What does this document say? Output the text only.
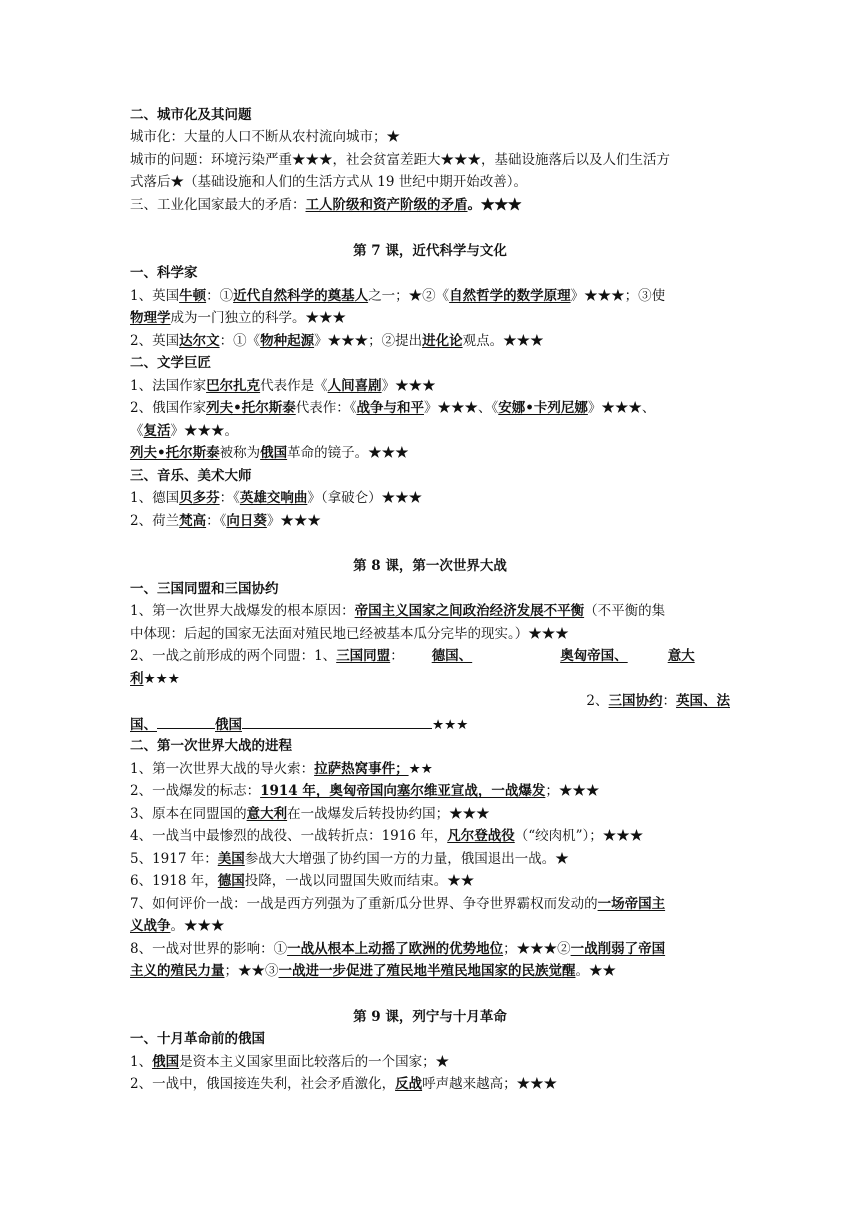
二、城市化及其问题
城市化：大量的人口不断从农村流向城市；★
城市的问题：环境污染严重★★★，社会贫富差距大★★★，基础设施落后以及人们生活方
式落后★（基础设施和人们的生活方式从 19 世纪中期开始改善）。
三、工业化国家最大的矛盾：工人阶级和资产阶级的矛盾。★★★
第 7 课，近代科学与文化
一、科学家
1、英国牛顿：①近代自然科学的奠基人之一；★②《自然哲学的数学原理》★★★；③使
物理学成为一门独立的科学。★★★
2、英国达尔文：①《物种起源》★★★；②提出进化论观点。★★★
二、文学巨匠
1、法国作家巴尔扎克代表作是《人间喜剧》★★★
2、俄国作家列夫•托尔斯泰代表作：《战争与和平》★★★、《安娜•卡列尼娜》★★★、
《复活》★★★。
列夫•托尔斯泰被称为俄国革命的镜子。★★★
三、音乐、美术大师
1、德国贝多芬：《英雄交响曲》（拿破仑）★★★
2、荷兰梵高：《向日葵》★★★
第 8 课，第一次世界大战
一、三国同盟和三国协约
1、第一次世界大战爆发的根本原因：帝国主义国家之间政治经济发展不平衡（不平衡的集
中体现：后起的国家无法面对殖民地已经被基本瓜分完毕的现实。）★★★
2、一战之前形成的两个同盟：1、三国同盟： 德国、	奥匈帝国、	意大
利★★★
2、三国协约：英国、法
国、	俄国	★★★
二、第一次世界大战的进程
1、第一次世界大战的导火索：拉萨热窝事件；★★
2、一战爆发的标志：1914 年，奥匈帝国向塞尔维亚宣战，一战爆发；★★★
3、原本在同盟国的意大利在一战爆发后转投协约国；★★★
4、一战当中最惨烈的战役、一战转折点：1916 年，凡尔登战役（“绞肉机”）；★★★
5、1917 年：美国参战大大增强了协约国一方的力量，俄国退出一战。★
6、1918 年，德国投降，一战以同盟国失败而结束。★★
7、如何评价一战：一战是西方列强为了重新瓜分世界、争夺世界霸权而发动的一场帝国主
义战争。★★★
8、一战对世界的影响：①一战从根本上动摇了欧洲的优势地位；★★★②一战削弱了帝国
主义的殖民力量；★★③一战进一步促进了殖民地半殖民地国家的民族觉醒。★★
第 9 课，列宁与十月革命
一、十月革命前的俄国
1、俄国是资本主义国家里面比较落后的一个国家；★
2、一战中，俄国接连失利，社会矛盾激化，反战呼声越来越高；★★★
